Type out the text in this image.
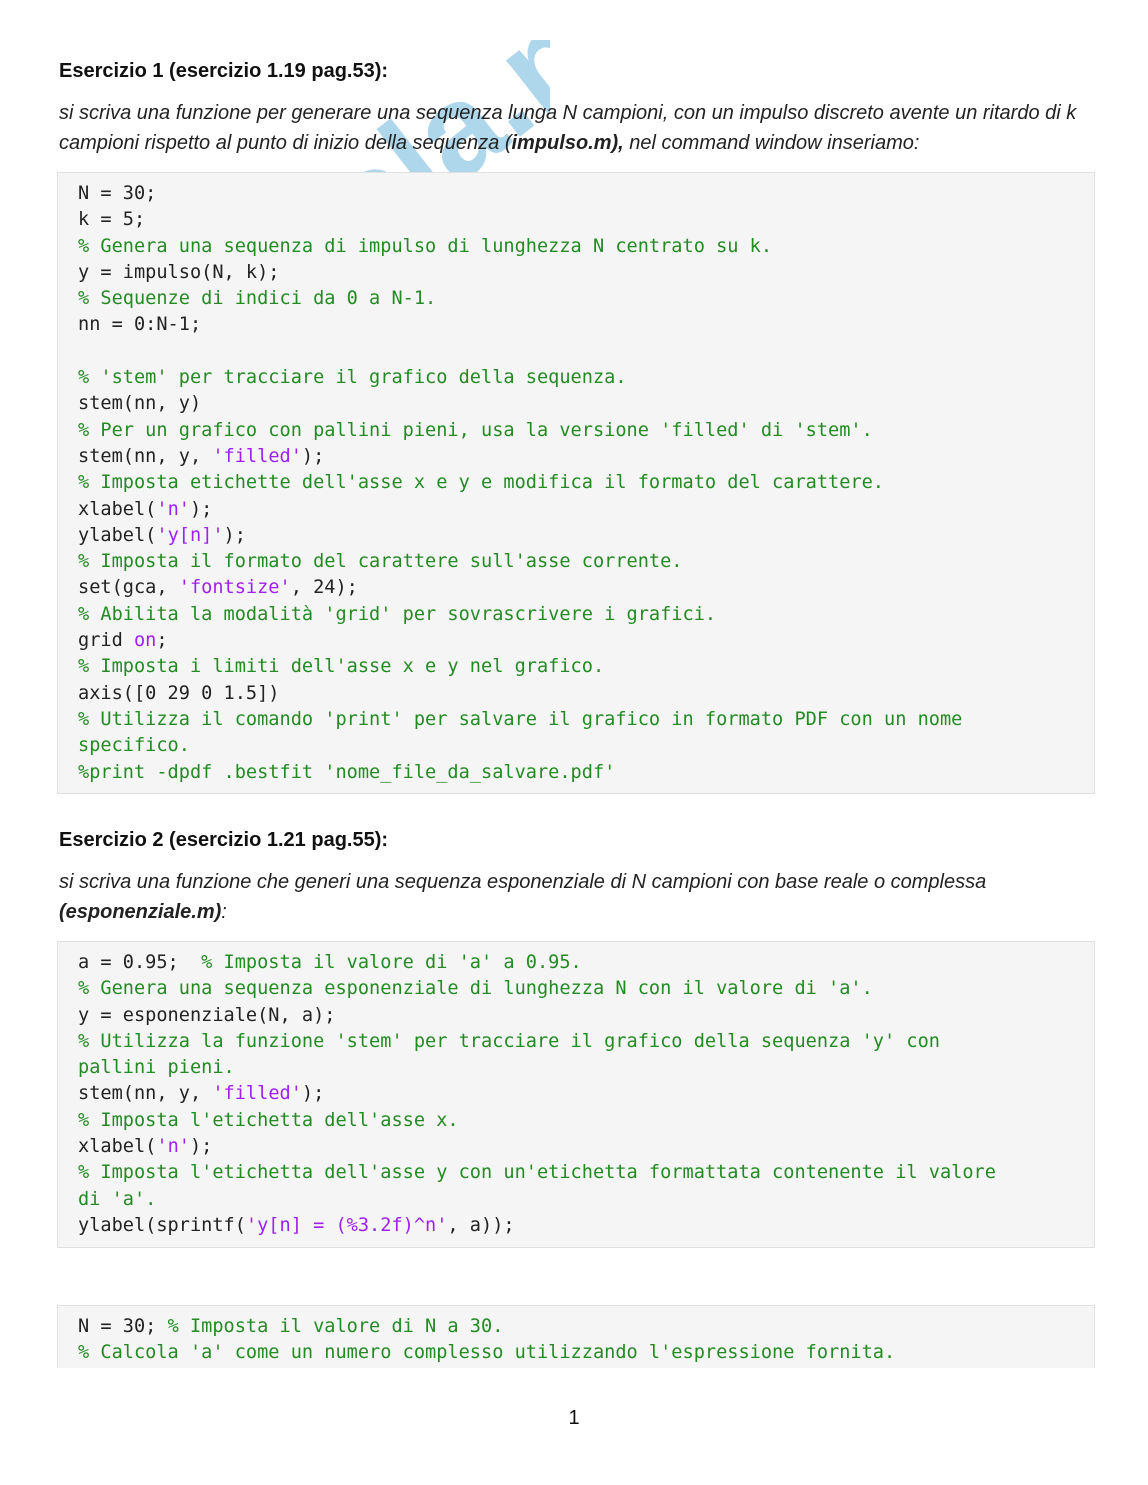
Esercizio 1 (esercizio 1.19 pag.53):
si scriva una funzione per generare una sequenza lunga N campioni, con un impulso discreto avente un ritardo di k campioni rispetto al punto di inizio della sequenza (impulso.m), nel command window inseriamo:
N = 30;
k = 5;
% Genera una sequenza di impulso di lunghezza N centrato su k.
y = impulso(N, k);
% Sequenze di indici da 0 a N-1.
nn = 0:N-1;

% 'stem' per tracciare il grafico della sequenza.
stem(nn, y)
% Per un grafico con pallini pieni, usa la versione 'filled' di 'stem'.
stem(nn, y, 'filled');
% Imposta etichette dell'asse x e y e modifica il formato del carattere.
xlabel('n');
ylabel('y[n]');
% Imposta il formato del carattere sull'asse corrente.
set(gca, 'fontsize', 24);
% Abilita la modalità 'grid' per sovrascrivere i grafici.
grid on;
% Imposta i limiti dell'asse x e y nel grafico.
axis([0 29 0 1.5])
% Utilizza il comando 'print' per salvare il grafico in formato PDF con un nome
specifico.
%print -dpdf .bestfit 'nome_file_da_salvare.pdf'
Esercizio 2 (esercizio 1.21 pag.55):
si scriva una funzione che generi una sequenza esponenziale di N campioni con base reale o complessa (esponenziale.m):
a = 0.95;  % Imposta il valore di 'a' a 0.95.
% Genera una sequenza esponenziale di lunghezza N con il valore di 'a'.
y = esponenziale(N, a);
% Utilizza la funzione 'stem' per tracciare il grafico della sequenza 'y' con
pallini pieni.
stem(nn, y, 'filled');
% Imposta l'etichetta dell'asse x.
xlabel('n');
% Imposta l'etichetta dell'asse y con un'etichetta formattata contenente il valore
di 'a'.
ylabel(sprintf('y[n] = (%3.2f)^n', a));
N = 30; % Imposta il valore di N a 30.
% Calcola 'a' come un numero complesso utilizzando l'espressione fornita.
1
